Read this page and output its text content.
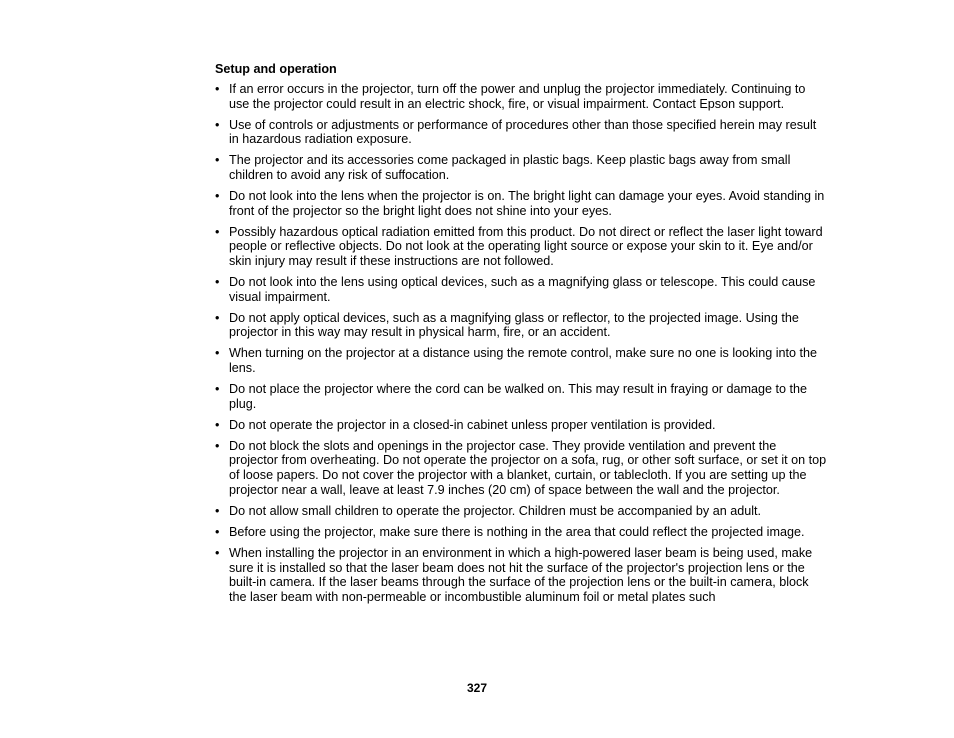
Setup and operation
• If an error occurs in the projector, turn off the power and unplug the projector immediately. Continuing to use the projector could result in an electric shock, fire, or visual impairment. Contact Epson support.
• Use of controls or adjustments or performance of procedures other than those specified herein may result in hazardous radiation exposure.
• The projector and its accessories come packaged in plastic bags. Keep plastic bags away from small children to avoid any risk of suffocation.
• Do not look into the lens when the projector is on. The bright light can damage your eyes. Avoid standing in front of the projector so the bright light does not shine into your eyes.
• Possibly hazardous optical radiation emitted from this product. Do not direct or reflect the laser light toward people or reflective objects. Do not look at the operating light source or expose your skin to it. Eye and/or skin injury may result if these instructions are not followed.
• Do not look into the lens using optical devices, such as a magnifying glass or telescope. This could cause visual impairment.
• Do not apply optical devices, such as a magnifying glass or reflector, to the projected image. Using the projector in this way may result in physical harm, fire, or an accident.
• When turning on the projector at a distance using the remote control, make sure no one is looking into the lens.
• Do not place the projector where the cord can be walked on. This may result in fraying or damage to the plug.
• Do not operate the projector in a closed-in cabinet unless proper ventilation is provided.
• Do not block the slots and openings in the projector case. They provide ventilation and prevent the projector from overheating. Do not operate the projector on a sofa, rug, or other soft surface, or set it on top of loose papers. Do not cover the projector with a blanket, curtain, or tablecloth. If you are setting up the projector near a wall, leave at least 7.9 inches (20 cm) of space between the wall and the projector.
• Do not allow small children to operate the projector. Children must be accompanied by an adult.
• Before using the projector, make sure there is nothing in the area that could reflect the projected image.
• When installing the projector in an environment in which a high-powered laser beam is being used, make sure it is installed so that the laser beam does not hit the surface of the projector's projection lens or the built-in camera. If the laser beams through the surface of the projection lens or the built-in camera, block the laser beam with non-permeable or incombustible aluminum foil or metal plates such
327
